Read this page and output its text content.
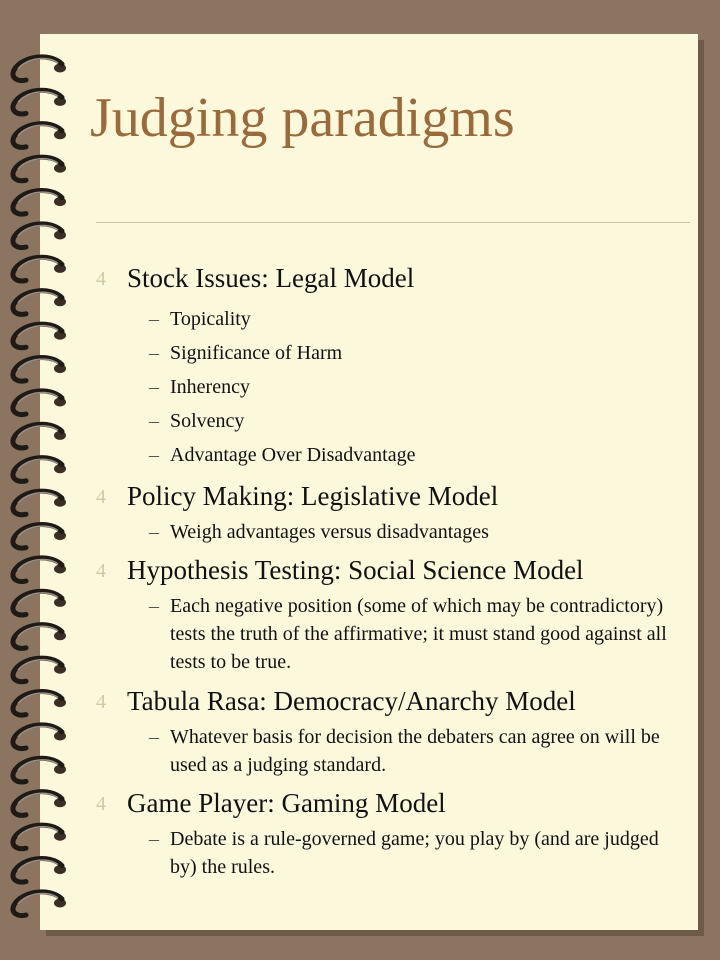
Judging paradigms
4 Stock Issues: Legal Model
– Topicality
– Significance of Harm
– Inherency
– Solvency
– Advantage Over Disadvantage
4 Policy Making: Legislative Model
– Weigh advantages versus disadvantages
4 Hypothesis Testing: Social Science Model
– Each negative position (some of which may be contradictory) tests the truth of the affirmative; it must stand good against all tests to be true.
4 Tabula Rasa: Democracy/Anarchy Model
– Whatever basis for decision the debaters can agree on will be used as a judging standard.
4 Game Player: Gaming Model
– Debate is a rule-governed game; you play by (and are judged by) the rules.
